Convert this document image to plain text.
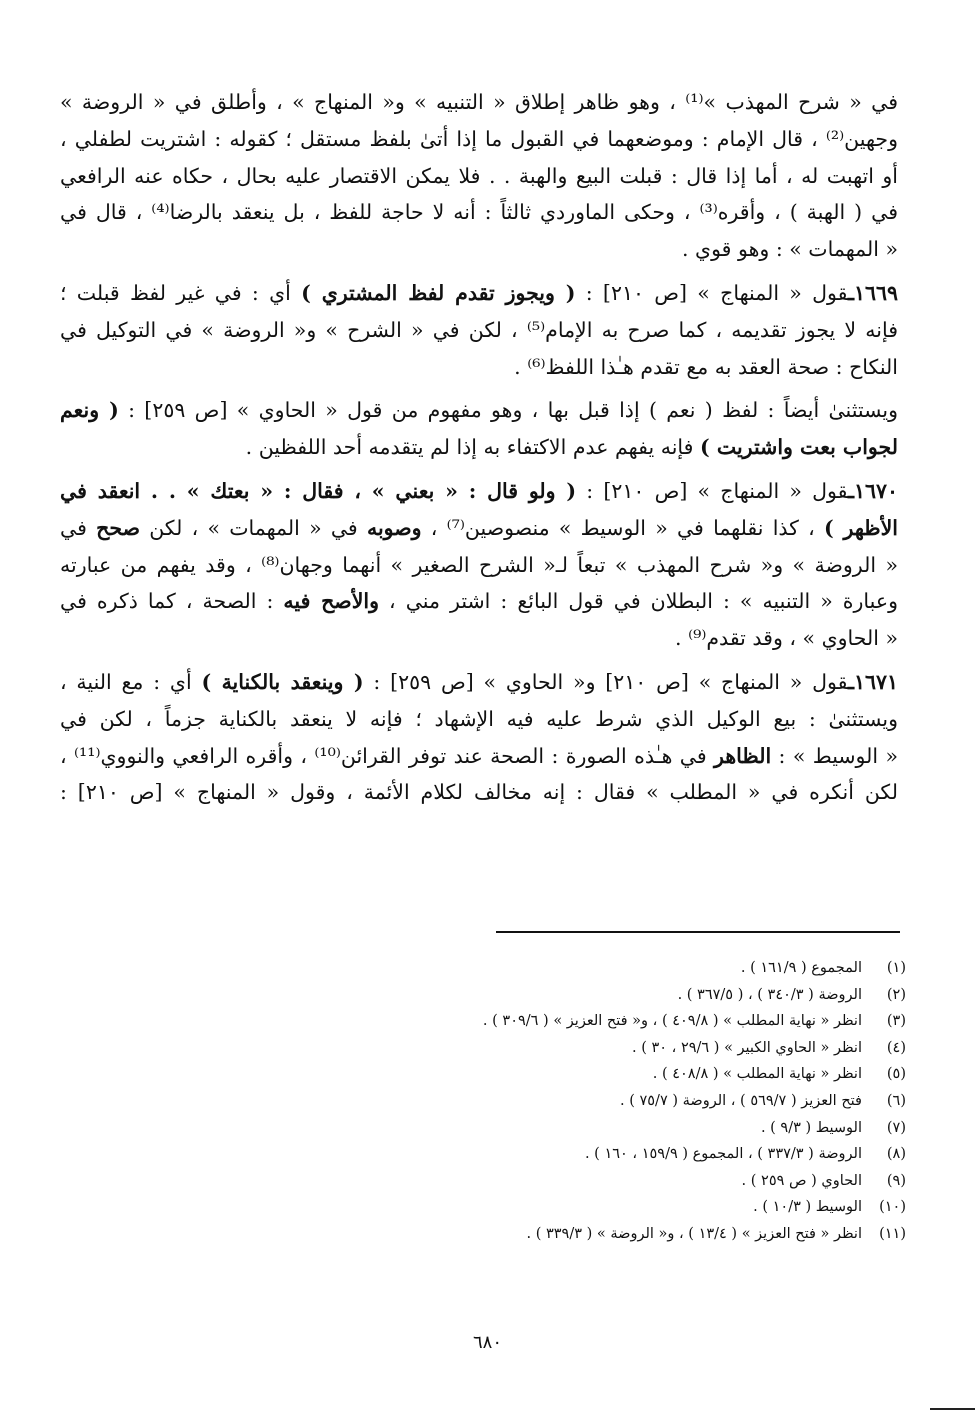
في « شرح المهذب »⁽¹⁾ ، وهو ظاهر إطلاق « التنبيه » و« المنهاج » ، وأطلق في « الروضة »
وجهين⁽²⁾ ، قال الإمام : وموضعهما في القبول ما إذا أتىٰ بلفظ مستقل ؛ كقوله : اشتريت لطفلي ،
أو اتهبت له ، أما إذا قال : قبلت البيع والهبة . . فلا يمكن الاقتصار عليه بحال ، حكاه عنه الرافعي
في ( الهبة ) ، وأقره⁽³⁾ ، وحكى الماوردي ثالثاً : أنه لا حاجة للفظ ، بل ينعقد بالرضا⁽⁴⁾ ، قال في
« المهمات » : وهو قوي .

١٦٦٩ـقول « المنهاج » [ص ٢١٠] : ( ويجوز تقدم لفظ المشتري ) أي : في غير لفظ قبلت ؛
فإنه لا يجوز تقديمه ، كما صرح به الإمام⁽⁵⁾ ، لكن في « الشرح » و« الروضة » في التوكيل في
النكاح : صحة العقد به مع تقدم هـٰذا اللفظ⁽⁶⁾ .

ويستثنىٰ أيضاً : لفظ ( نعم ) إذا قبل بها ، وهو مفهوم من قول « الحاوي » [ص ٢٥٩] : ( ونعم
لجواب بعت واشتريت ) فإنه يفهم عدم الاكتفاء به إذا لم يتقدمه أحد اللفظين .

١٦٧٠ـقول « المنهاج » [ص ٢١٠] : ( ولو قال : « بعني » ، فقال : « بعتك » . . انعقد في
الأظهر ) ، كذا نقلهما في « الوسيط » منصوصين⁽⁷⁾ ، وصوبه في « المهمات » ، لكن صحح في
« الروضة » و« شرح المهذب » تبعاً لـ« الشرح الصغير » أنهما وجهان⁽⁸⁾ ، وقد يفهم من عبارته
وعبارة « التنبيه » : البطلان في قول البائع : اشتر مني ، والأصح فيه : الصحة ، كما ذكره في
« الحاوي » ، وقد تقدم⁽⁹⁾ .

١٦٧١ـقول « المنهاج » [ص ٢١٠] و« الحاوي » [ص ٢٥٩] : ( وينعقد بالكناية ) أي : مع النية ،
ويستثنىٰ : بيع الوكيل الذي شرط عليه فيه الإشهاد ؛ فإنه لا ينعقد بالكناية جزماً ، لكن في
« الوسيط » : الظاهر في هـٰذه الصورة : الصحة عند توفر القرائن⁽¹⁰⁾ ، وأقره الرافعي والنووي⁽¹¹⁾ ،
لكن أنكره في « المطلب » فقال : إنه مخالف لكلام الأئمة ، وقول « المنهاج » [ص ٢١٠] :

(١)
المجموع ( ١٦١/٩ ) .
(٢)
الروضة ( ٣٤٠/٣ ) ، ( ٣٦٧/٥ ) .
(٣)
انظر « نهاية المطلب » ( ٤٠٩/٨ ) ، و« فتح العزيز » ( ٣٠٩/٦ ) .
(٤)
انظر « الحاوي الكبير » ( ٢٩/٦ ، ٣٠ ) .
(٥)
انظر « نهاية المطلب » ( ٤٠٨/٨ ) .
(٦)
فتح العزيز ( ٥٦٩/٧ ) ، الروضة ( ٧٥/٧ ) .
(٧)
الوسيط ( ٩/٣ ) .
(٨)
الروضة ( ٣٣٧/٣ ) ، المجموع ( ١٥٩/٩ ، ١٦٠ ) .
(٩)
الحاوي ( ص ٢٥٩ ) .
(١٠)
الوسيط ( ١٠/٣ ) .
(١١)
انظر « فتح العزيز » ( ١٣/٤ ) ، و« الروضة » ( ٣٣٩/٣ ) .
٦٨٠
